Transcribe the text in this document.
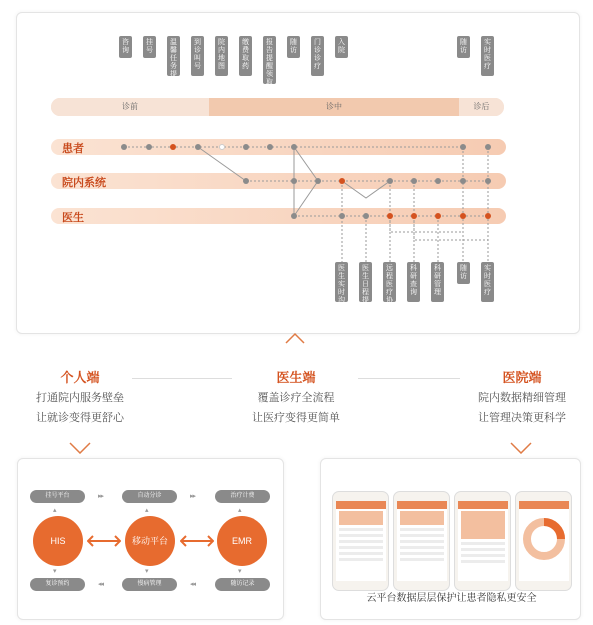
咨询
挂号
温馨任务提醒
到诊叫号
院内地图
缴费取药
报告提醒领取分
随访
门诊诊疗
入院
随访
实时医疗
诊前	诊中	诊后
患者
院内系统
医生
医生实时沟通
医生日程提醒
远程医疗协助
科研查询
科研管理
随访
实时医疗
个人端
打通院内服务壁垒
让就诊变得更舒心
医生端
覆盖诊疗全流程
让医疗变得更简单
医院端
院内数据精细管理
让管理决策更科学
挂号平台	自动分诊	治疗计费
▸▸	▸▸
▴	▴	▴
HIS	移动平台	EMR
▾	▾	▾
复诊预约	慢病管理	随访记录
◂◂	◂◂
云平台数据层层保护让患者隐私更安全
